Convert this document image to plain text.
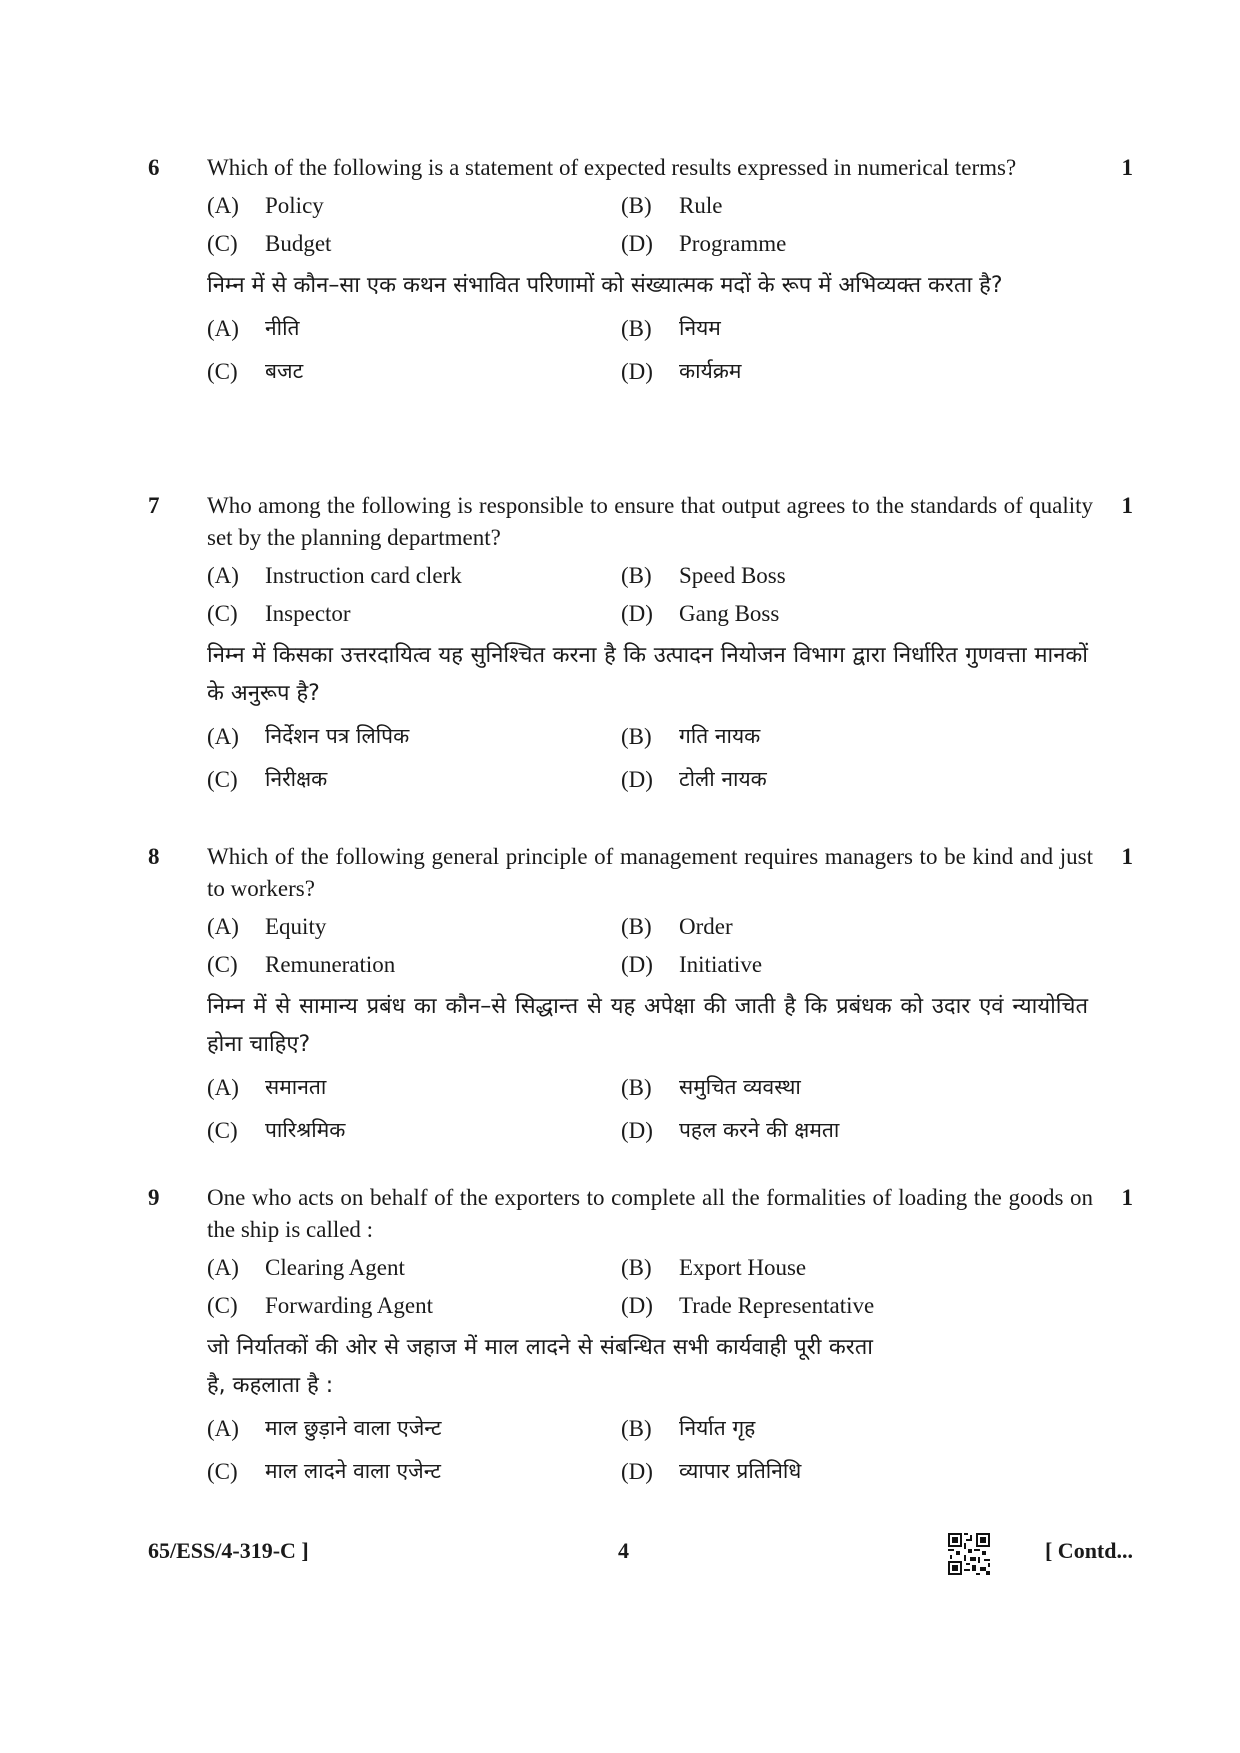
6	1
Which of the following is a statement of expected results expressed in numerical terms?
(A)	Policy	(B)	Rule
(C)	Budget	(D)	Programme
निम्न में से कौन–सा एक कथन संभावित परिणामों को संख्यात्मक मदों के रूप में अभिव्यक्त करता है?
(A)	नीति	(B)	नियम
(C)	बजट	(D)	कार्यक्रम
7	1
Who among the following is responsible to ensure that output agrees to the standards of quality set by the planning department?
(A)	Instruction card clerk	(B)	Speed Boss
(C)	Inspector	(D)	Gang Boss
निम्न में किसका उत्तरदायित्व यह सुनिश्चित करना है कि उत्पादन नियोजन विभाग द्वारा निर्धारित गुणवत्ता मानकों के अनुरूप है?
(A)	निर्देशन पत्र लिपिक	(B)	गति नायक
(C)	निरीक्षक	(D)	टोली नायक
8	1
Which of the following general principle of management requires managers to be kind and just to workers?
(A)	Equity	(B)	Order
(C)	Remuneration	(D)	Initiative
निम्न में से सामान्य प्रबंध का कौन–से सिद्धान्त से यह अपेक्षा की जाती है कि प्रबंधक को उदार एवं न्यायोचित होना चाहिए?
(A)	समानता	(B)	समुचित व्यवस्था
(C)	पारिश्रमिक	(D)	पहल करने की क्षमता
9	1
One who acts on behalf of the exporters to complete all the formalities of loading the goods on the ship is called :
(A)	Clearing Agent	(B)	Export House
(C)	Forwarding Agent	(D)	Trade Representative
जो निर्यातकों की ओर से जहाज में माल लादने से संबन्धित सभी कार्यवाही पूरी करता है, कहलाता है :
(A)	माल छुड़ाने वाला एजेन्ट	(B)	निर्यात गृह
(C)	माल लादने वाला एजेन्ट	(D)	व्यापार प्रतिनिधि
65/ESS/4-319-C ]	4	[ Contd...
